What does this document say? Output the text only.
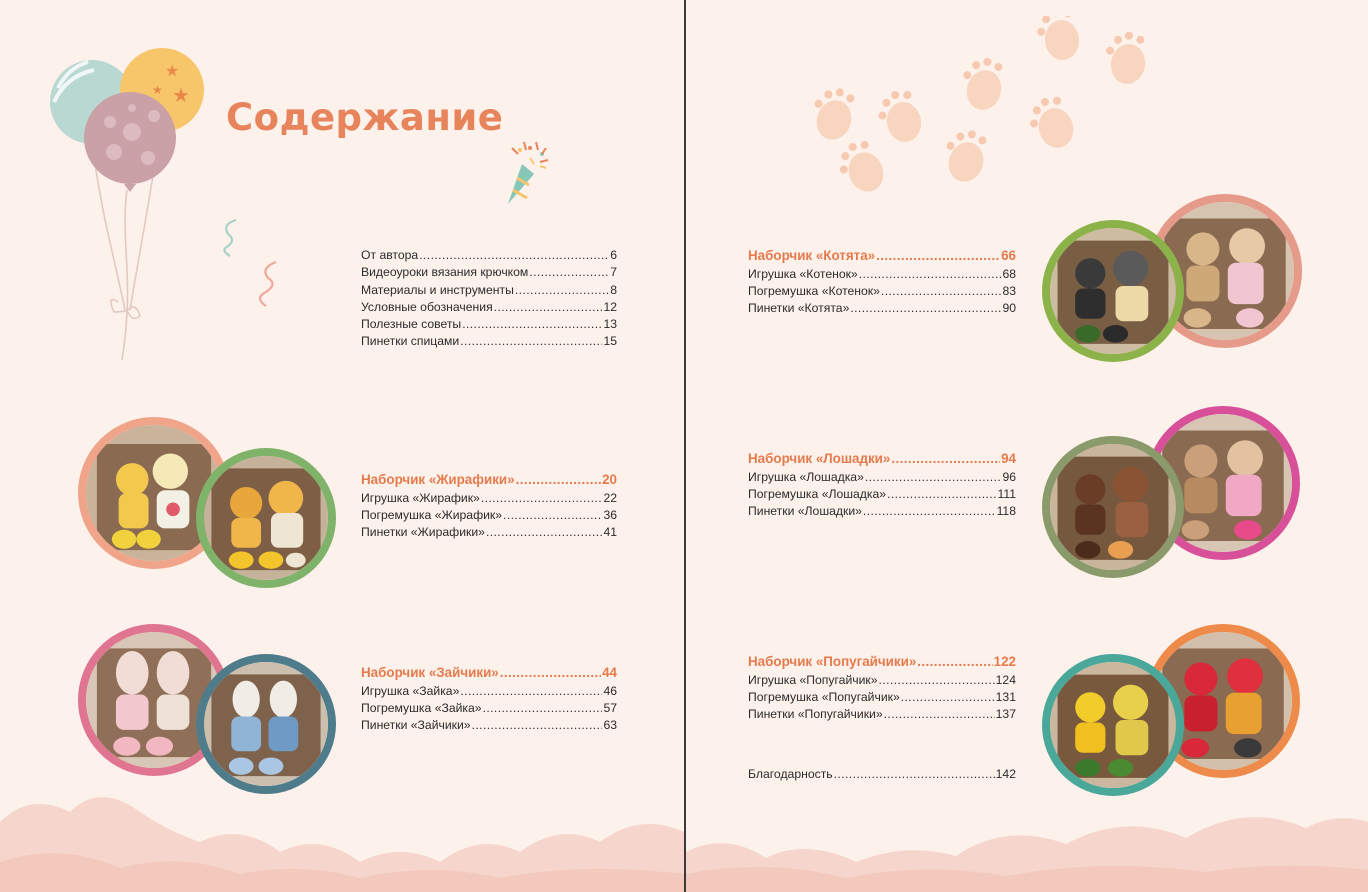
★
★
★
Содержание
От автора .....	6
Видеоуроки вязания крючком .....	7
Материалы и инструменты .....	8
Условные обозначения .....	12
Полезные советы .....	13
Пинетки спицами .....	15
Наборчик «Жирафики» .....	20
Игрушка «Жирафик» .....	22
Погремушка «Жирафик» .....	36
Пинетки «Жирафики» .....	41
Наборчик «Зайчики» .....	44
Игрушка «Зайка» .....	46
Погремушка «Зайка» .....	57
Пинетки «Зайчики» .....	63
Наборчик «Котята» .....	66
Игрушка «Котенок» .....	68
Погремушка «Котенок» .....	83
Пинетки «Котята» .....	90
Наборчик «Лошадки» .....	94
Игрушка «Лошадка» .....	96
Погремушка «Лошадка» .....	111
Пинетки «Лошадки» .....	118
Наборчик «Попугайчики» .....	122
Игрушка «Попугайчик» .....	124
Погремушка «Попугайчик» .....	131
Пинетки «Попугайчики» .....	137
Благодарность .....	142
